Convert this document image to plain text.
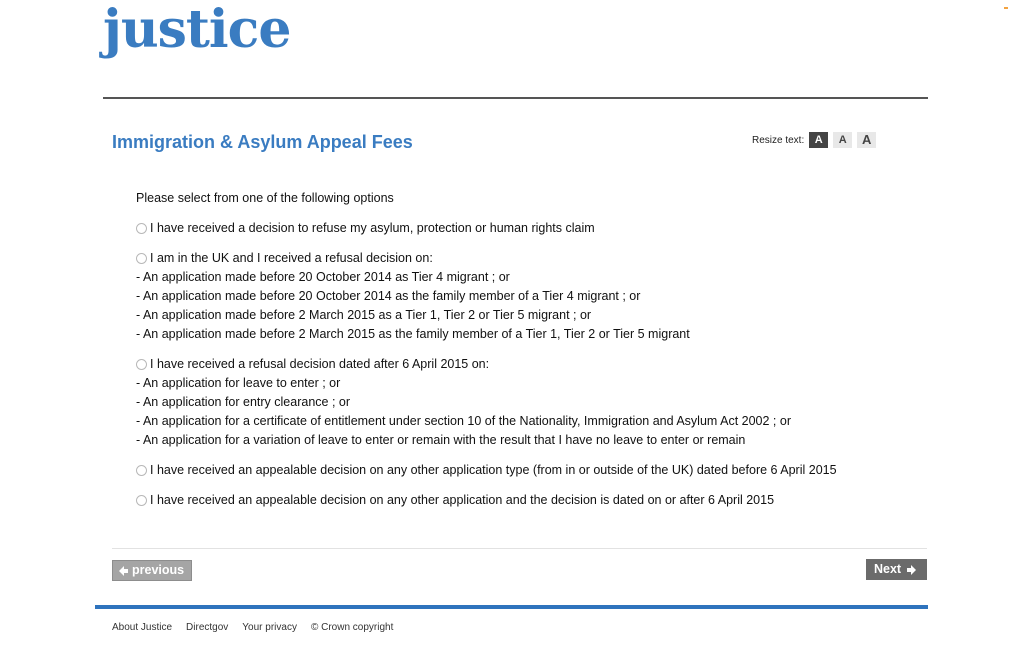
justice
Immigration & Asylum Appeal Fees	Resize text: A	A	A
Please select from one of the following options
I have received a decision to refuse my asylum, protection or human rights claim
I am in the UK and I received a refusal decision on:
- An application made before 20 October 2014 as Tier 4 migrant ; or
- An application made before 20 October 2014 as the family member of a Tier 4 migrant ; or
- An application made before 2 March 2015 as a Tier 1, Tier 2 or Tier 5 migrant ; or
- An application made before 2 March 2015 as the family member of a Tier 1, Tier 2 or Tier 5 migrant
I have received a refusal decision dated after 6 April 2015 on:
- An application for leave to enter ; or
- An application for entry clearance ; or
- An application for a certificate of entitlement under section 10 of the Nationality, Immigration and Asylum Act 2002 ; or
- An application for a variation of leave to enter or remain with the result that I have no leave to enter or remain
I have received an appealable decision on any other application type (from in or outside of the UK) dated before 6 April 2015
I have received an appealable decision on any other application and the decision is dated on or after 6 April 2015
previous	Next
About Justice Directgov Your privacy © Crown copyright
